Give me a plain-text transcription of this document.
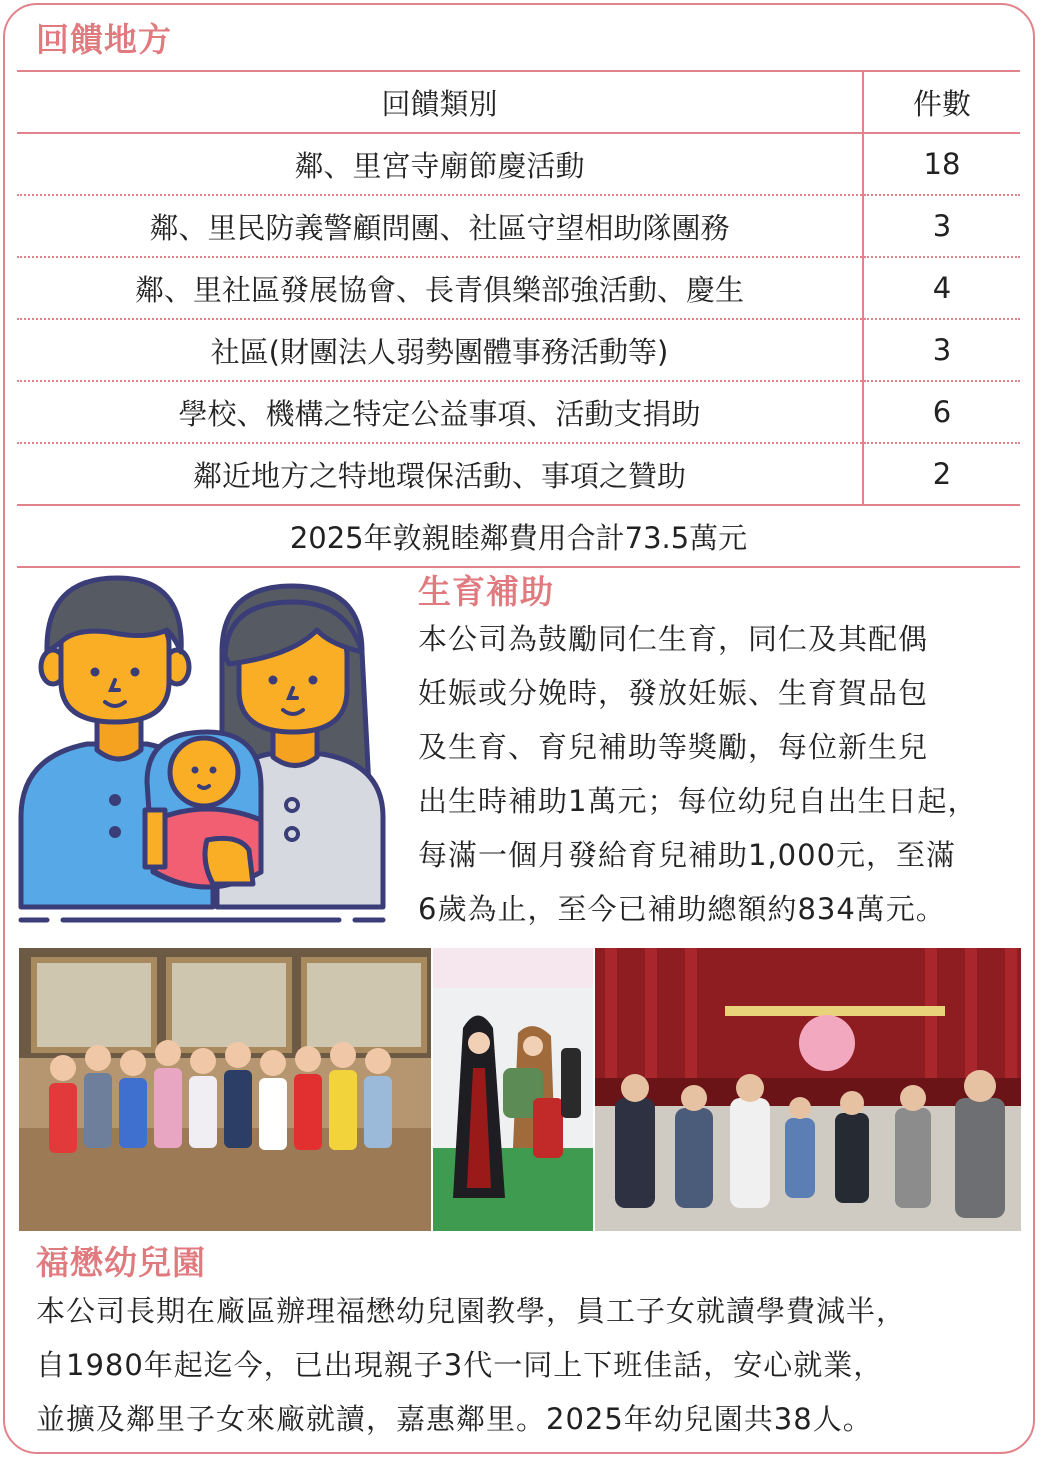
回饋地方
回饋類別	件數
鄰、里宮寺廟節慶活動	18
鄰、里民防義警顧問團、社區守望相助隊團務	3
鄰、里社區發展協會、長青俱樂部強活動、慶生	4
社區(財團法人弱勢團體事務活動等)	3
學校、機構之特定公益事項、活動支捐助	6
鄰近地方之特地環保活動、事項之贊助	2
2025年敦親睦鄰費用合計73.5萬元	
生育補助

本公司為鼓勵同仁生育，同仁及其配偶

妊娠或分娩時，發放妊娠、生育賀品包

及生育、育兒補助等獎勵，每位新生兒

出生時補助1萬元；每位幼兒自出生日起，

每滿一個月發給育兒補助1,000元，至滿

6歲為止，至今已補助總額約834萬元。

福懋幼兒園

本公司長期在廠區辦理福懋幼兒園教學，員工子女就讀學費減半，

自1980年起迄今，已出現親子3代一同上下班佳話，安心就業，

並擴及鄰里子女來廠就讀，嘉惠鄰里。2025年幼兒園共38人。
